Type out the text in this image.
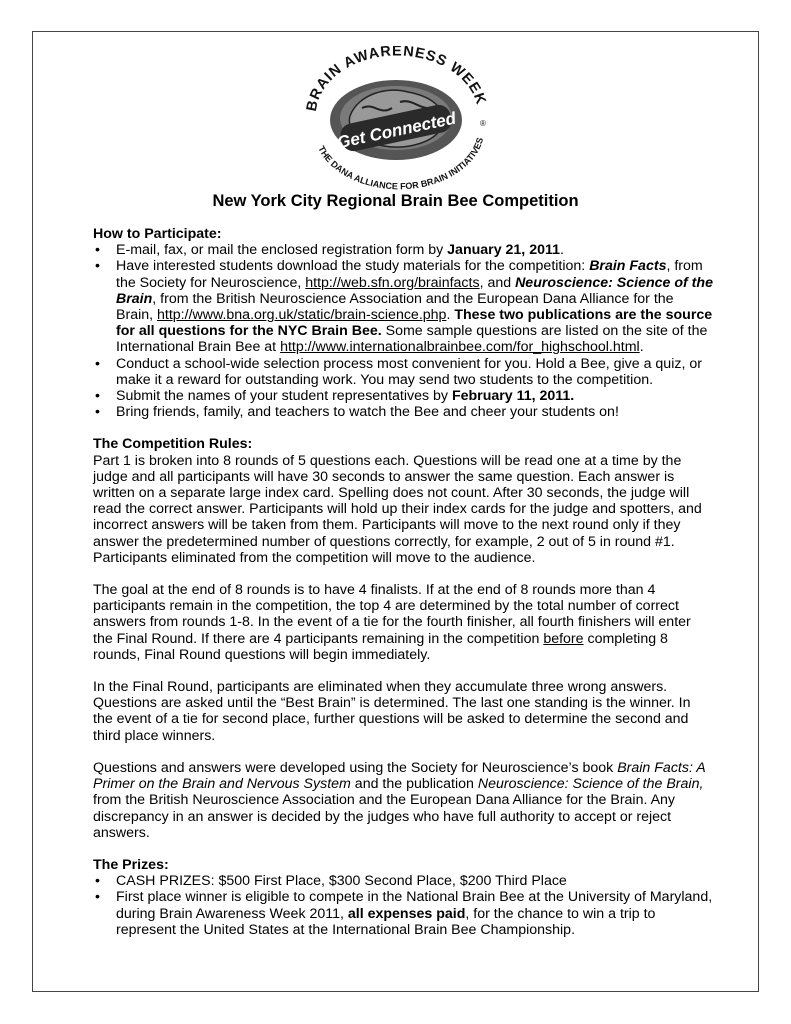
Get Connected
BRAIN AWARENESS WEEK
THE DANA ALLIANCE FOR BRAIN INITIATIVES
®
New York City Regional Brain Bee Competition

How to Participate:

• E-mail, fax, or mail the enclosed registration form by January 21, 2011.
• Have interested students download the study materials for the competition: Brain Facts, from the Society for Neuroscience, http://web.sfn.org/brainfacts, and Neuroscience: Science of the Brain, from the British Neuroscience Association and the European Dana Alliance for the Brain, http://www.bna.org.uk/static/brain-science.php. These two publications are the source for all questions for the NYC Brain Bee. Some sample questions are listed on the site of the International Brain Bee at http://www.internationalbrainbee.com/for_highschool.html.
• Conduct a school-wide selection process most convenient for you. Hold a Bee, give a quiz, or make it a reward for outstanding work. You may send two students to the competition.
• Submit the names of your student representatives by February 11, 2011.
• Bring friends, family, and teachers to watch the Bee and cheer your students on!

The Competition Rules:

Part 1 is broken into 8 rounds of 5 questions each. Questions will be read one at a time by the judge and all participants will have 30 seconds to answer the same question. Each answer is written on a separate large index card. Spelling does not count. After 30 seconds, the judge will read the correct answer. Participants will hold up their index cards for the judge and spotters, and incorrect answers will be taken from them. Participants will move to the next round only if they answer the predetermined number of questions correctly, for example, 2 out of 5 in round #1. Participants eliminated from the competition will move to the audience.

The goal at the end of 8 rounds is to have 4 finalists. If at the end of 8 rounds more than 4 participants remain in the competition, the top 4 are determined by the total number of correct answers from rounds 1-8. In the event of a tie for the fourth finisher, all fourth finishers will enter the Final Round. If there are 4 participants remaining in the competition before completing 8 rounds, Final Round questions will begin immediately.

In the Final Round, participants are eliminated when they accumulate three wrong answers. Questions are asked until the “Best Brain” is determined. The last one standing is the winner. In the event of a tie for second place, further questions will be asked to determine the second and third place winners.

Questions and answers were developed using the Society for Neuroscience’s book Brain Facts: A Primer on the Brain and Nervous System and the publication Neuroscience: Science of the Brain, from the British Neuroscience Association and the European Dana Alliance for the Brain. Any discrepancy in an answer is decided by the judges who have full authority to accept or reject answers.

The Prizes:

• CASH PRIZES: $500 First Place, $300 Second Place, $200 Third Place
• First place winner is eligible to compete in the National Brain Bee at the University of Maryland, during Brain Awareness Week 2011, all expenses paid, for the chance to win a trip to represent the United States at the International Brain Bee Championship.
